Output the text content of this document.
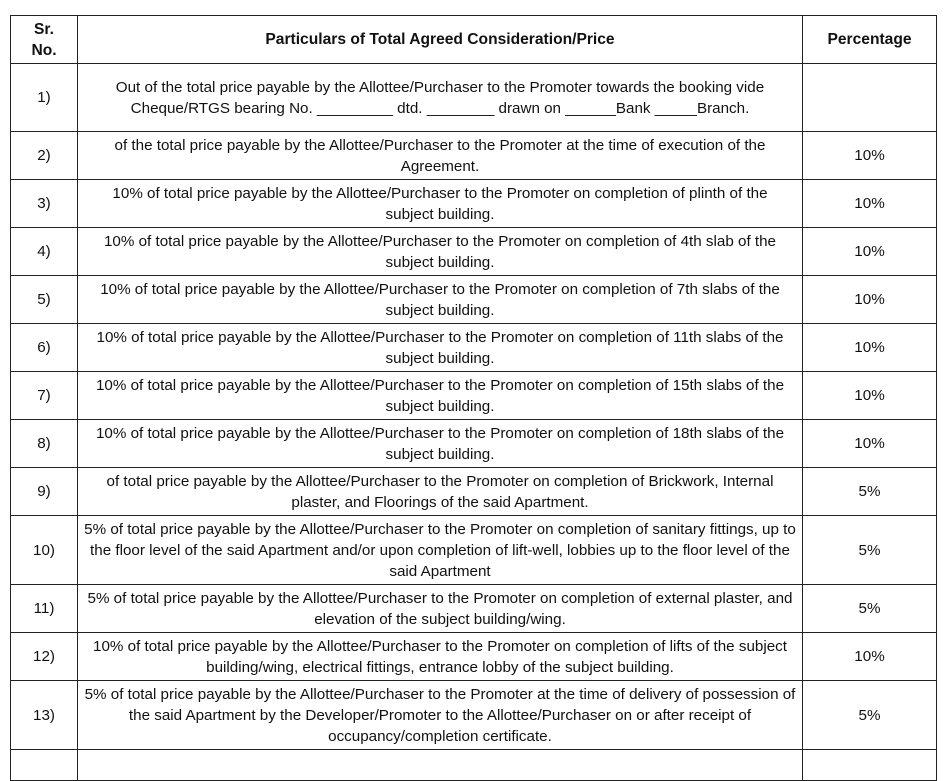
Sr.
No.	Particulars of Total Agreed Consideration/Price	Percentage
1)	Out of the total price payable by the Allottee/Purchaser to the Promoter towards the booking vide Cheque/RTGS bearing No. _________ dtd. ________ drawn on ______Bank _____Branch.	
2)	of the total price payable by the Allottee/Purchaser to the Promoter at the time of execution of the Agreement.	10%
3)	10% of total price payable by the Allottee/Purchaser to the Promoter on completion of plinth of the subject building.	10%
4)	10% of total price payable by the Allottee/Purchaser to the Promoter on completion of 4th slab of the subject building.	10%
5)	10% of total price payable by the Allottee/Purchaser to the Promoter on completion of 7th slabs of the subject building.	10%
6)	10% of total price payable by the Allottee/Purchaser to the Promoter on completion of 11th slabs of the subject building.	10%
7)	10% of total price payable by the Allottee/Purchaser to the Promoter on completion of 15th slabs of the subject building.	10%
8)	10% of total price payable by the Allottee/Purchaser to the Promoter on completion of 18th slabs of the subject building.	10%
9)	of total price payable by the Allottee/Purchaser to the Promoter on completion of Brickwork, Internal plaster, and Floorings of the said Apartment.	5%
10)	5% of total price payable by the Allottee/Purchaser to the Promoter on completion of sanitary fittings, up to the floor level of the said Apartment and/or upon completion of lift-well, lobbies up to the floor level of the said Apartment	5%
11)	5% of total price payable by the Allottee/Purchaser to the Promoter on completion of external plaster, and elevation of the subject building/wing.	5%
12)	10% of total price payable by the Allottee/Purchaser to the Promoter on completion of lifts of the subject building/wing, electrical fittings, entrance lobby of the subject building.	10%
13)	5% of total price payable by the Allottee/Purchaser to the Promoter at the time of delivery of possession of the said Apartment by the Developer/Promoter to the Allottee/Purchaser on or after receipt of occupancy/completion certificate.	5%
